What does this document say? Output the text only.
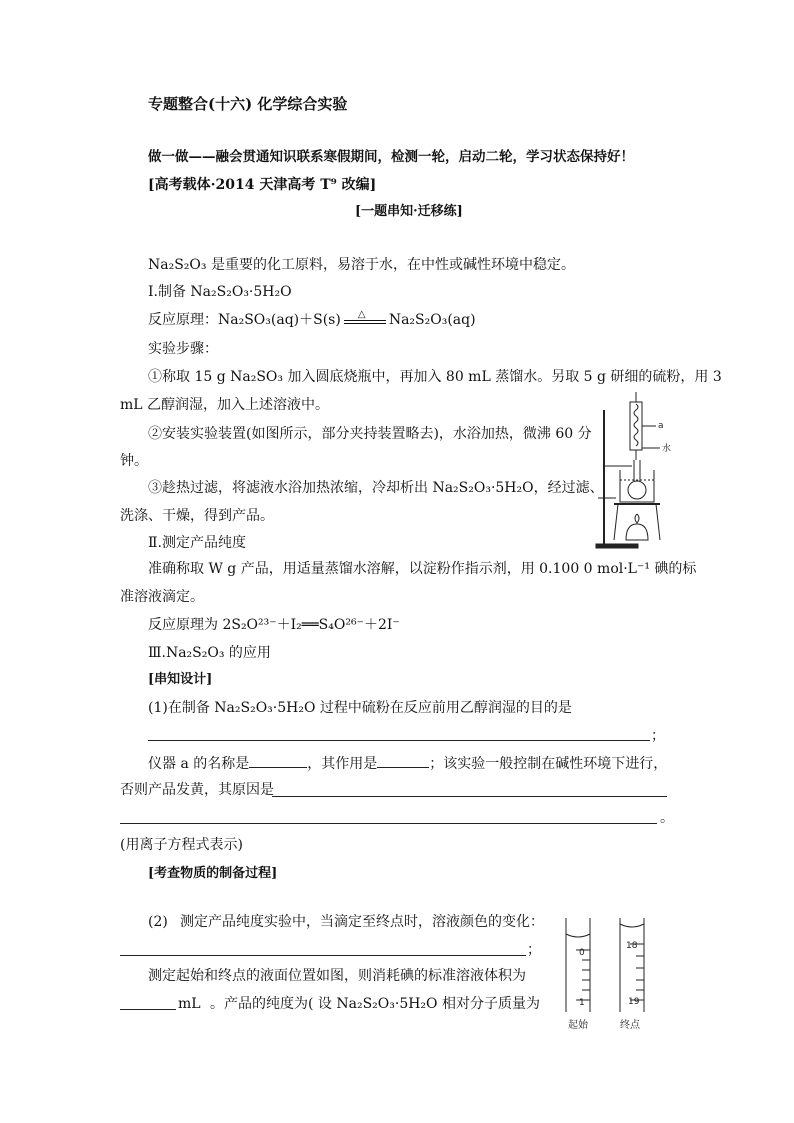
专题整合(十六) 化学综合实验
做一做——融会贯通知识联系寒假期间，检测一轮，启动二轮，学习状态保持好！
[高考载体·2014 天津高考 T⁹ 改编]
[一题串知·迁移练]
Na₂S₂O₃ 是重要的化工原料，易溶于水，在中性或碱性环境中稳定。
Ⅰ.制备 Na₂S₂O₃·5H₂O
反应原理：Na₂SO₃(aq)＋S(s) △ Na₂S₂O₃(aq)
实验步骤：
①称取 15 g Na₂SO₃ 加入圆底烧瓶中，再加入 80 mL 蒸馏水。另取 5 g 研细的硫粉，用 3
mL 乙醇润湿，加入上述溶液中。
②安装实验装置(如图所示，部分夹持装置略去)，水浴加热，微沸 60 分
钟。
③趁热过滤，将滤液水浴加热浓缩，冷却析出 Na₂S₂O₃·5H₂O，经过滤、
洗涤、干燥，得到产品。
Ⅱ.测定产品纯度
准确称取 W g 产品，用适量蒸馏水溶解，以淀粉作指示剂，用 0.100 0 mol·L⁻¹ 碘的标
准溶液滴定。
反应原理为 2S₂O²³⁻＋I₂══S₄O²⁶⁻＋2I⁻
Ⅲ.Na₂S₂O₃ 的应用
[串知设计]
(1)在制备 Na₂S₂O₃·5H₂O 过程中硫粉在反应前用乙醇润湿的目的是
；
仪器 a 的名称是	，其作用是	；该实验一般控制在碱性环境下进行，
否则产品发黄，其原因是
。
(用离子方程式表示)
[考查物质的制备过程]
(2) 测定产品纯度实验中，当滴定至终点时，溶液颜色的变化：
；
测定起始和终点的液面位置如图，则消耗碘的标准溶液体积为
mL 。产品的纯度为( 设 Na₂S₂O₃·5H₂O 相对分子质量为
a
水
0
1
18
19
起始	终点
